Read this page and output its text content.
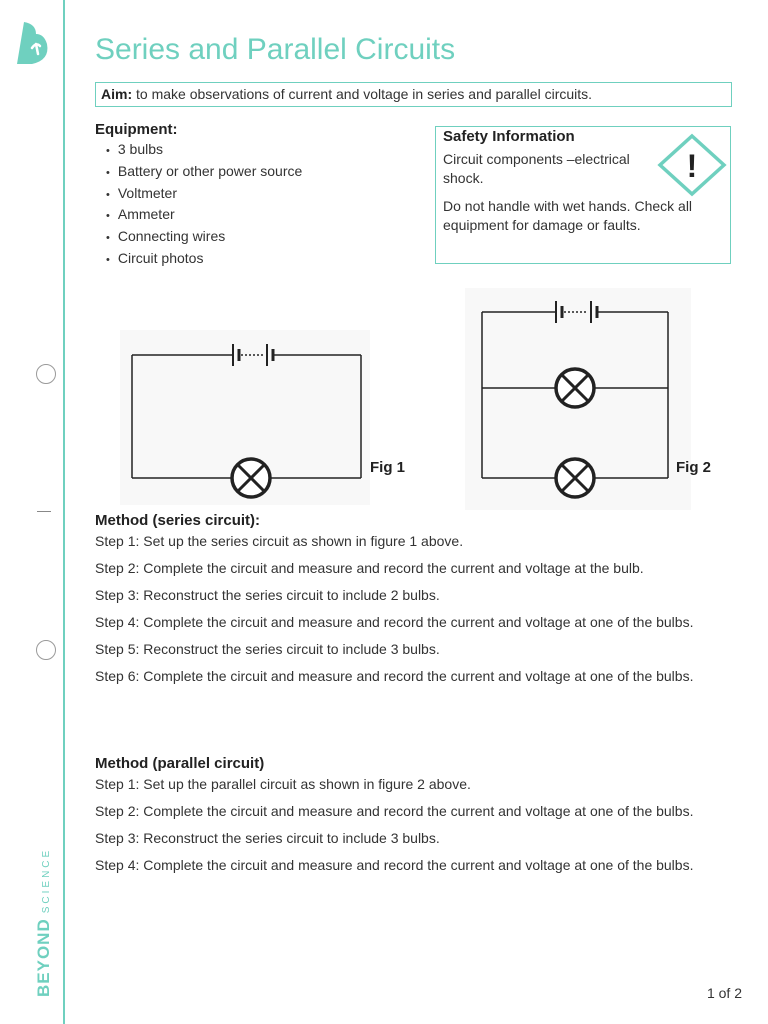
BEYONDSCIENCE
Series and Parallel Circuits
Aim: to make observations of current and voltage in series and parallel circuits.
Equipment:
• 3 bulbs
• Battery or other power source
• Voltmeter
• Ammeter
• Connecting wires
• Circuit photos
Safety Information

Circuit components –electrical shock.

Do not handle with wet hands. Check all equipment for damage or faults.

!
Fig 1	Fig 2
Method (series circuit):

Step 1: Set up the series circuit as shown in figure 1 above.

Step 2: Complete the circuit and measure and record the current and voltage at the bulb.

Step 3: Reconstruct the series circuit to include 2 bulbs.

Step 4: Complete the circuit and measure and record the current and voltage at one of the bulbs.

Step 5: Reconstruct the series circuit to include 3 bulbs.

Step 6: Complete the circuit and measure and record the current and voltage at one of the bulbs.

Method (parallel circuit)

Step 1: Set up the parallel circuit as shown in figure 2 above.

Step 2: Complete the circuit and measure and record the current and voltage at one of the bulbs.

Step 3: Reconstruct the series circuit to include 3 bulbs.

Step 4: Complete the circuit and measure and record the current and voltage at one of the bulbs.

1 of 2
